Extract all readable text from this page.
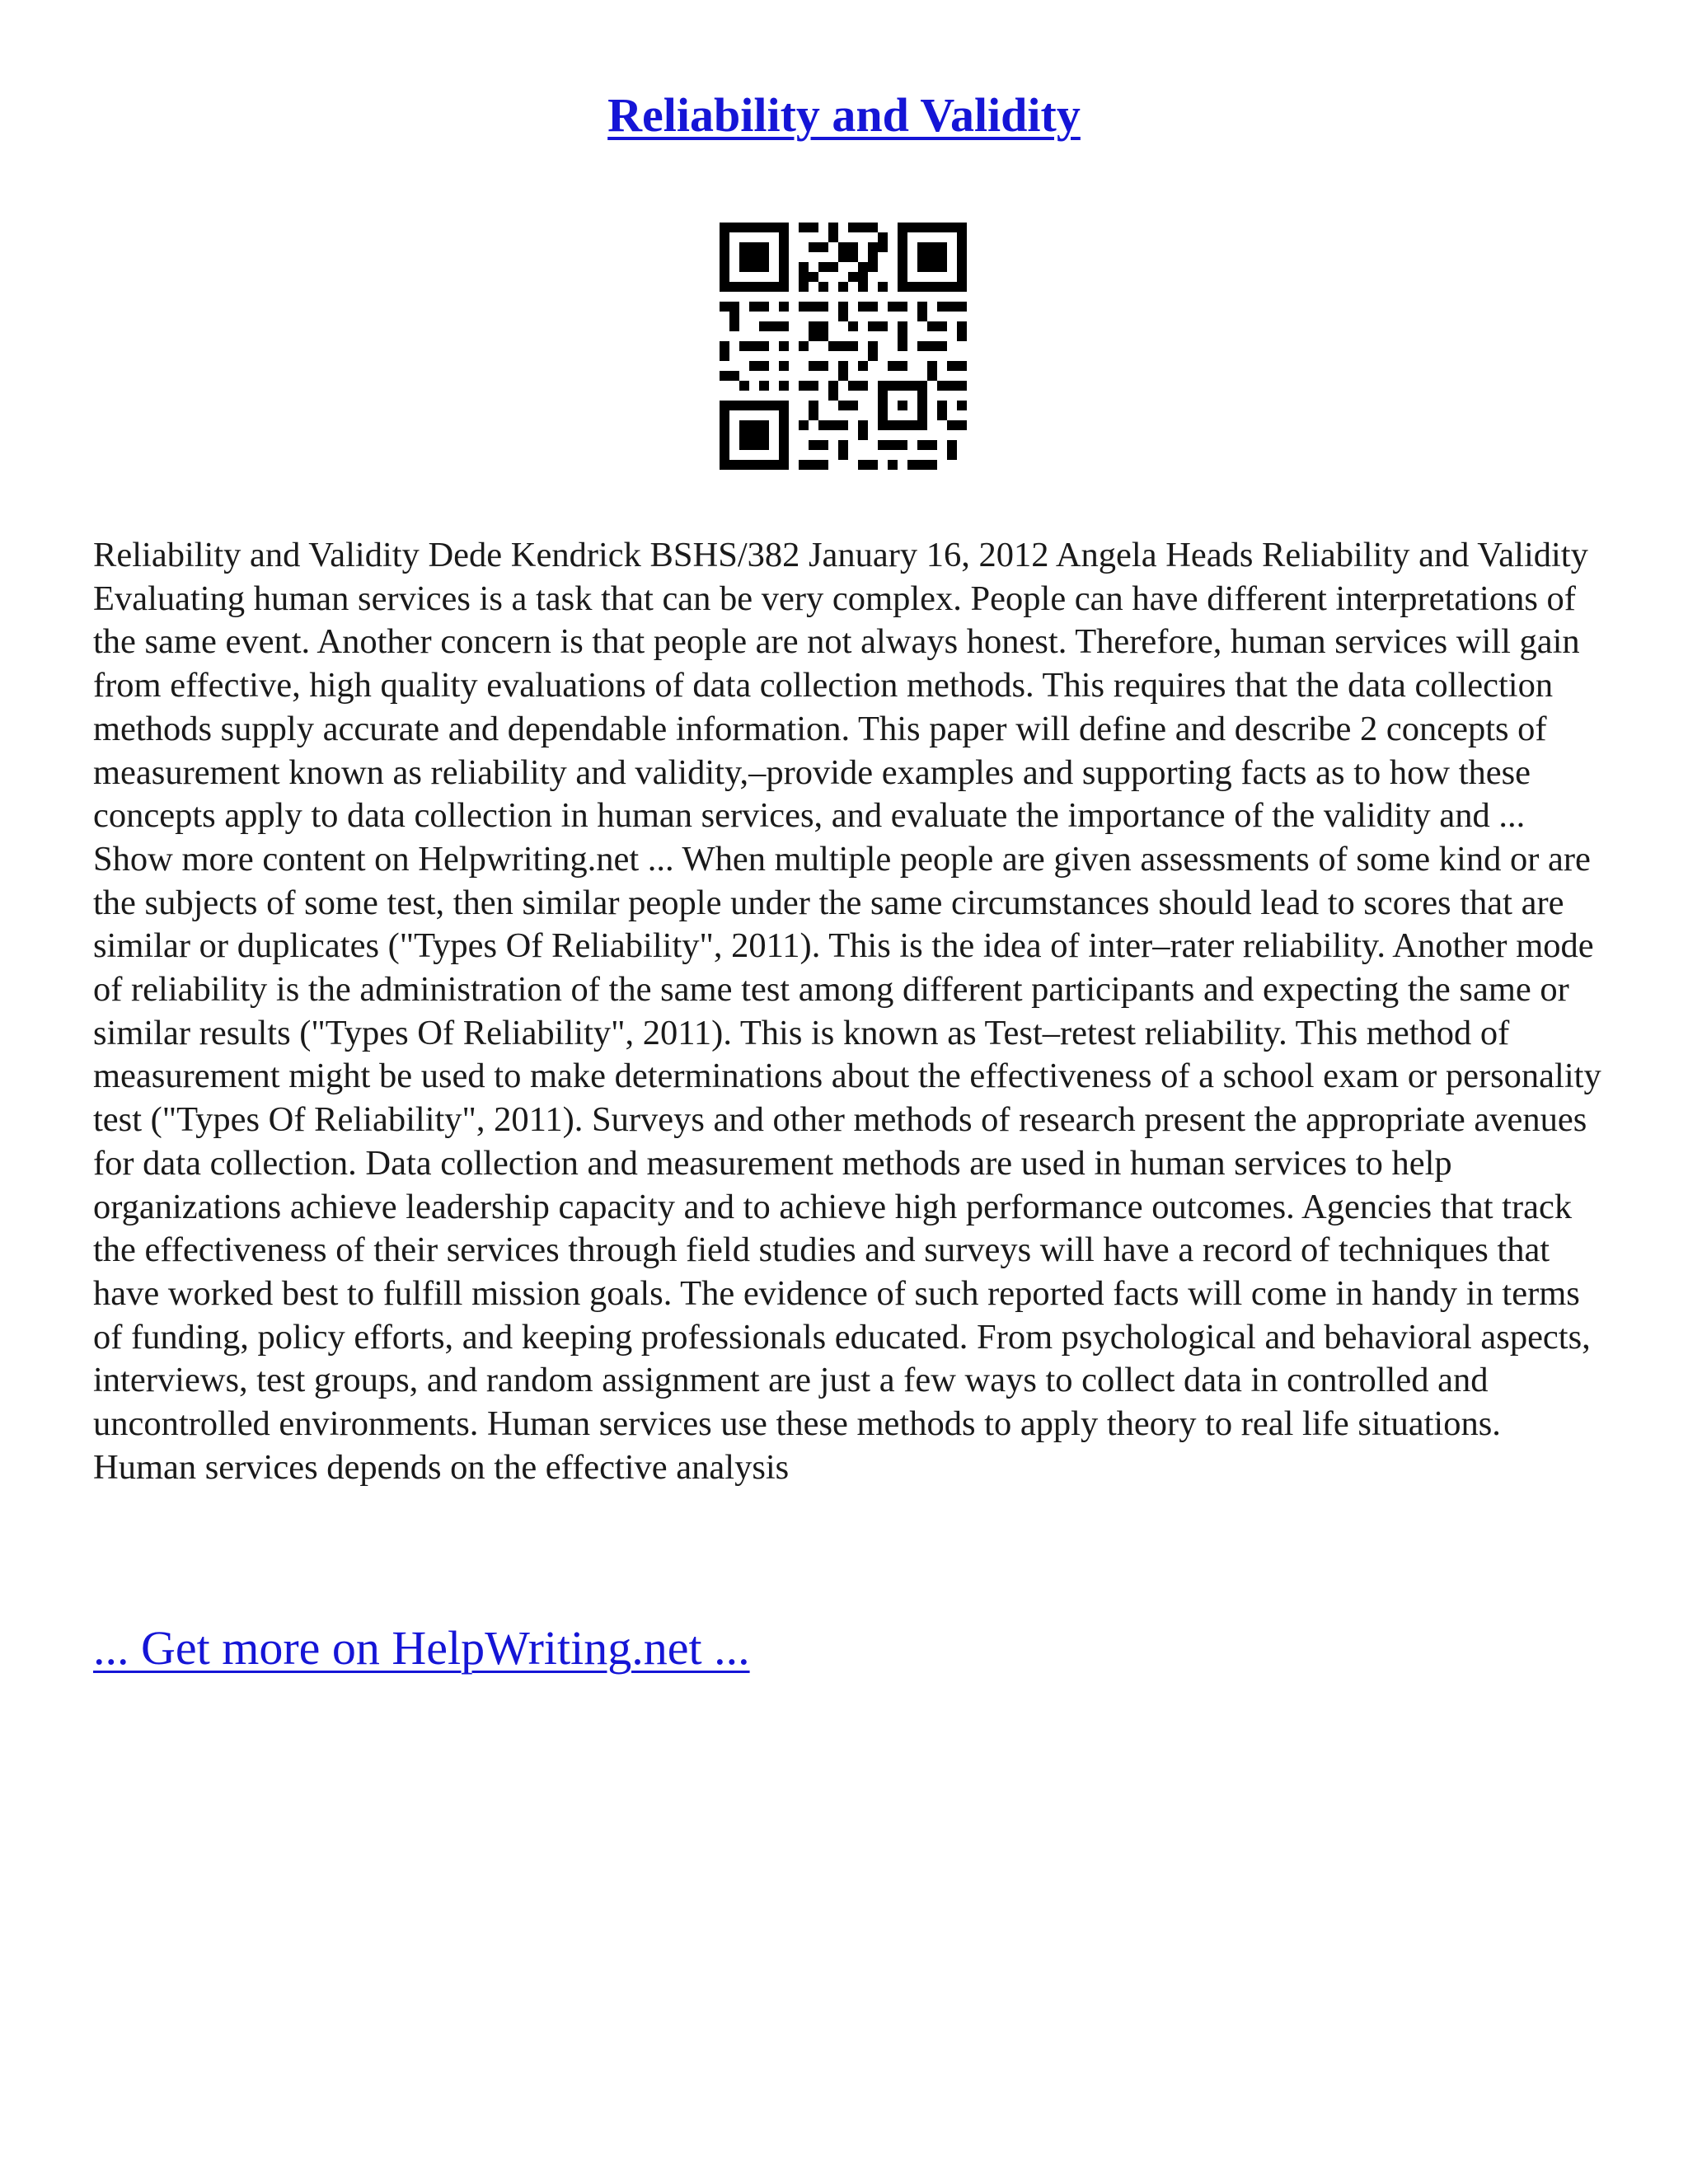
Reliability and Validity

Reliability and Validity Dede Kendrick BSHS/382 January 16, 2012 Angela Heads Reliability and Validity Evaluating human services is a task that can be very complex. People can have different interpretations of the same event. Another concern is that people are not always honest. Therefore, human services will gain from effective, high quality evaluations of data collection methods. This requires that the data collection methods supply accurate and dependable information. This paper will define and describe 2 concepts of measurement known as reliability and validity,–provide examples and supporting facts as to how these concepts apply to data collection in human services, and evaluate the importance of the validity and ... Show more content on Helpwriting.net ... When multiple people are given assessments of some kind or are the subjects of some test, then similar people under the same circumstances should lead to scores that are similar or duplicates ("Types Of Reliability", 2011). This is the idea of inter–rater reliability. Another mode of reliability is the administration of the same test among different participants and expecting the same or similar results ("Types Of Reliability", 2011). This is known as Test–retest reliability. This method of measurement might be used to make determinations about the effectiveness of a school exam or personality test ("Types Of Reliability", 2011). Surveys and other methods of research present the appropriate avenues for data collection. Data collection and measurement methods are used in human services to help organizations achieve leadership capacity and to achieve high performance outcomes. Agencies that track the effectiveness of their services through field studies and surveys will have a record of techniques that have worked best to fulfill mission goals. The evidence of such reported facts will come in handy in terms of funding, policy efforts, and keeping professionals educated. From psychological and behavioral aspects, interviews, test groups, and random assignment are just a few ways to collect data in controlled and uncontrolled environments. Human services use these methods to apply theory to real life situations. Human services depends on the effective analysis

... Get more on HelpWriting.net ...
